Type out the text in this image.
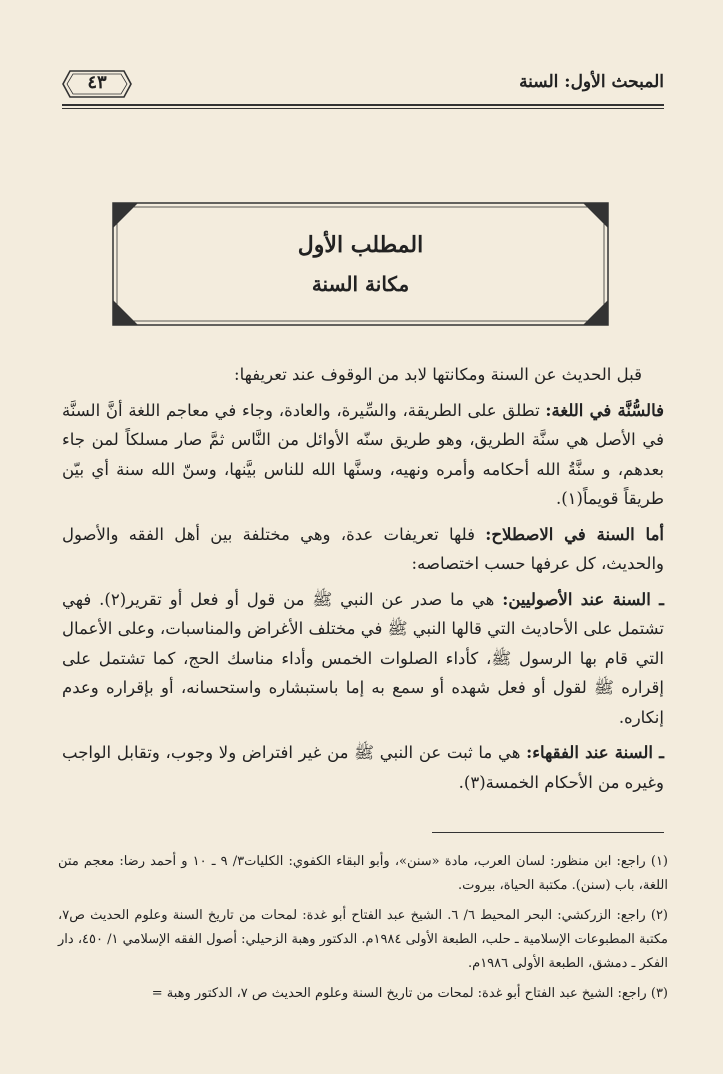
المبحث الأول: السنة
٤٣
المطلب الأول
مكانة السنة

قبل الحديث عن السنة ومكانتها لابد من الوقوف عند تعريفها:

فالسُّنَّة في اللغة: تطلق على الطريقة، والسِّيرة، والعادة، وجاء في معاجم اللغة أنَّ السنَّة في الأصل هي سنَّة الطريق، وهو طريق سنّه الأوائل من النَّاس ثمَّ صار مسلكاً لمن جاء بعدهم، و سنَّةُ الله أحكامه وأمره ونهيه، وسنَّها الله للناس بيَّنها، وسنّ الله سنة أي بيّن طريقاً قويماً(١).

أما السنة في الاصطلاح: فلها تعريفات عدة، وهي مختلفة بين أهل الفقه والأصول والحديث، كل عرفها حسب اختصاصه:

ـ السنة عند الأصوليين: هي ما صدر عن النبي ﷺ من قول أو فعل أو تقرير(٢). فهي تشتمل على الأحاديث التي قالها النبي ﷺ في مختلف الأغراض والمناسبات، وعلى الأعمال التي قام بها الرسول ﷺ، كأداء الصلوات الخمس وأداء مناسك الحج، كما تشتمل على إقراره ﷺ لقول أو فعل شهده أو سمع به إما باستبشاره واستحسانه، أو بإقراره وعدم إنكاره.

ـ السنة عند الفقهاء: هي ما ثبت عن النبي ﷺ من غير افتراض ولا وجوب، وتقابل الواجب وغيره من الأحكام الخمسة(٣).

(١) راجع: ابن منظور: لسان العرب، مادة «سنن»، وأبو البقاء الكفوي: الكليات٣/ ٩ ـ ١٠ و أحمد رضا: معجم متن اللغة، باب (سنن). مكتبة الحياة، بيروت.

(٢) راجع: الزركشي: البحر المحيط ٦/ ٦. الشيخ عبد الفتاح أبو غدة: لمحات من تاريخ السنة وعلوم الحديث ص٧، مكتبة المطبوعات الإسلامية ـ حلب، الطبعة الأولى ١٩٨٤م. الدكتور وهبة الزحيلي: أصول الفقه الإسلامي ١/ ٤٥٠، دار الفكر ـ دمشق، الطبعة الأولى ١٩٨٦م.

(٣) راجع: الشيخ عبد الفتاح أبو غدة: لمحات من تاريخ السنة وعلوم الحديث ص ٧، الدكتور وهبة =
